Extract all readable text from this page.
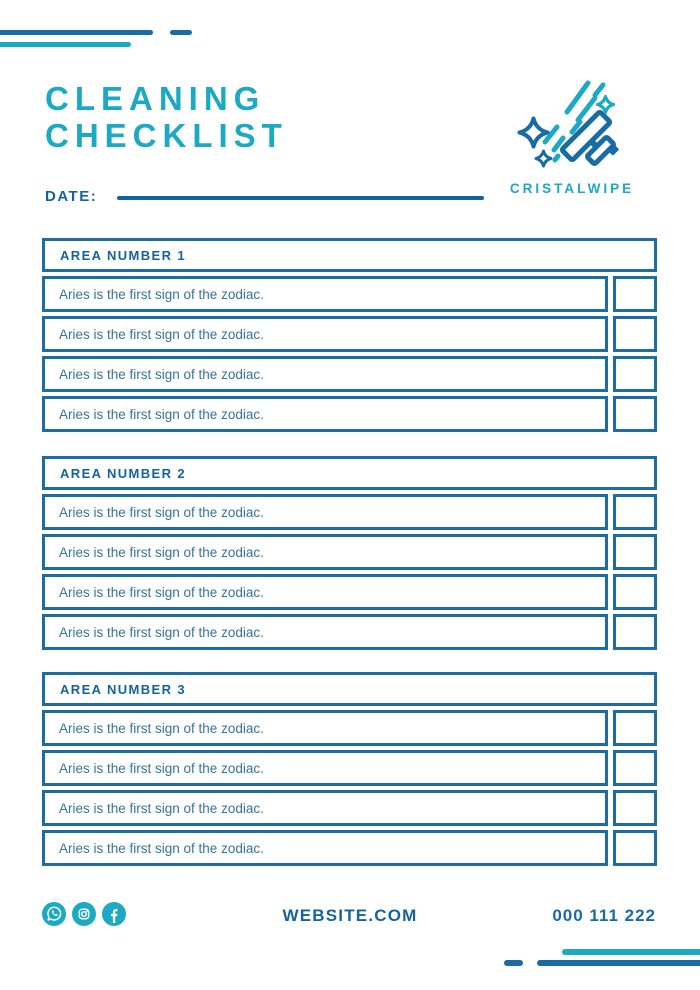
CLEANING
CHECKLIST
DATE:	CRISTALWIPE
AREA NUMBER 1
Aries is the first sign of the zodiac.
Aries is the first sign of the zodiac.
Aries is the first sign of the zodiac.
Aries is the first sign of the zodiac.
AREA NUMBER 2
Aries is the first sign of the zodiac.
Aries is the first sign of the zodiac.
Aries is the first sign of the zodiac.
Aries is the first sign of the zodiac.
AREA NUMBER 3
Aries is the first sign of the zodiac.
Aries is the first sign of the zodiac.
Aries is the first sign of the zodiac.
Aries is the first sign of the zodiac.
WEBSITE.COM	000 111 222
